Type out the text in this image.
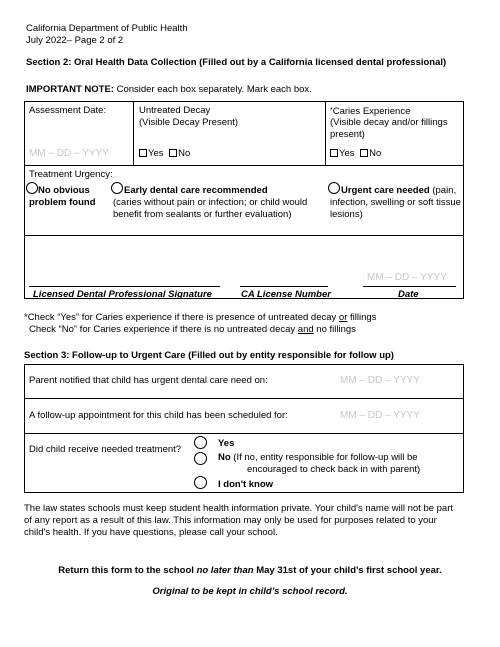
California Department of Public Health
July 2022– Page 2 of 2
Section 2: Oral Health Data Collection (Filled out by a California licensed dental professional)
IMPORTANT NOTE: Consider each box separately. Mark each box.
Assessment Date:
MM – DD – YYYY
Untreated Decay
(Visible Decay Present)
Yes No
*Caries Experience
(Visible decay and/or fillings
present)
Yes No
Treatment Urgency:
No obvious
problem found
Early dental care recommended
(caries without pain or infection; or child would
benefit from sealants or further evaluation)
Urgent care needed (pain,
infection, swelling or soft tissue
lesions)
MM – DD – YYYY
Licensed Dental Professional Signature	CA License Number	Date
*Check “Yes” for Caries experience if there is presence of untreated decay or fillings
Check “No” for Caries experience if there is no untreated decay and no fillings
Section 3: Follow-up to Urgent Care (Filled out by entity responsible for follow up)
Parent notified that child has urgent dental care need on:	MM – DD – YYYY
A follow-up appointment for this child has been scheduled for:	MM – DD – YYYY
Did child receive needed treatment?
Yes
No (If no, entity responsible for follow-up will be
encouraged to check back in with parent)
I don't know
The law states schools must keep student health information private. Your child's name will not be part
of any report as a result of this law. This information may only be used for purposes related to your
child's health. If you have questions, please call your school.
Return this form to the school no later than May 31st of your child’s first school year.
Original to be kept in child’s school record.
